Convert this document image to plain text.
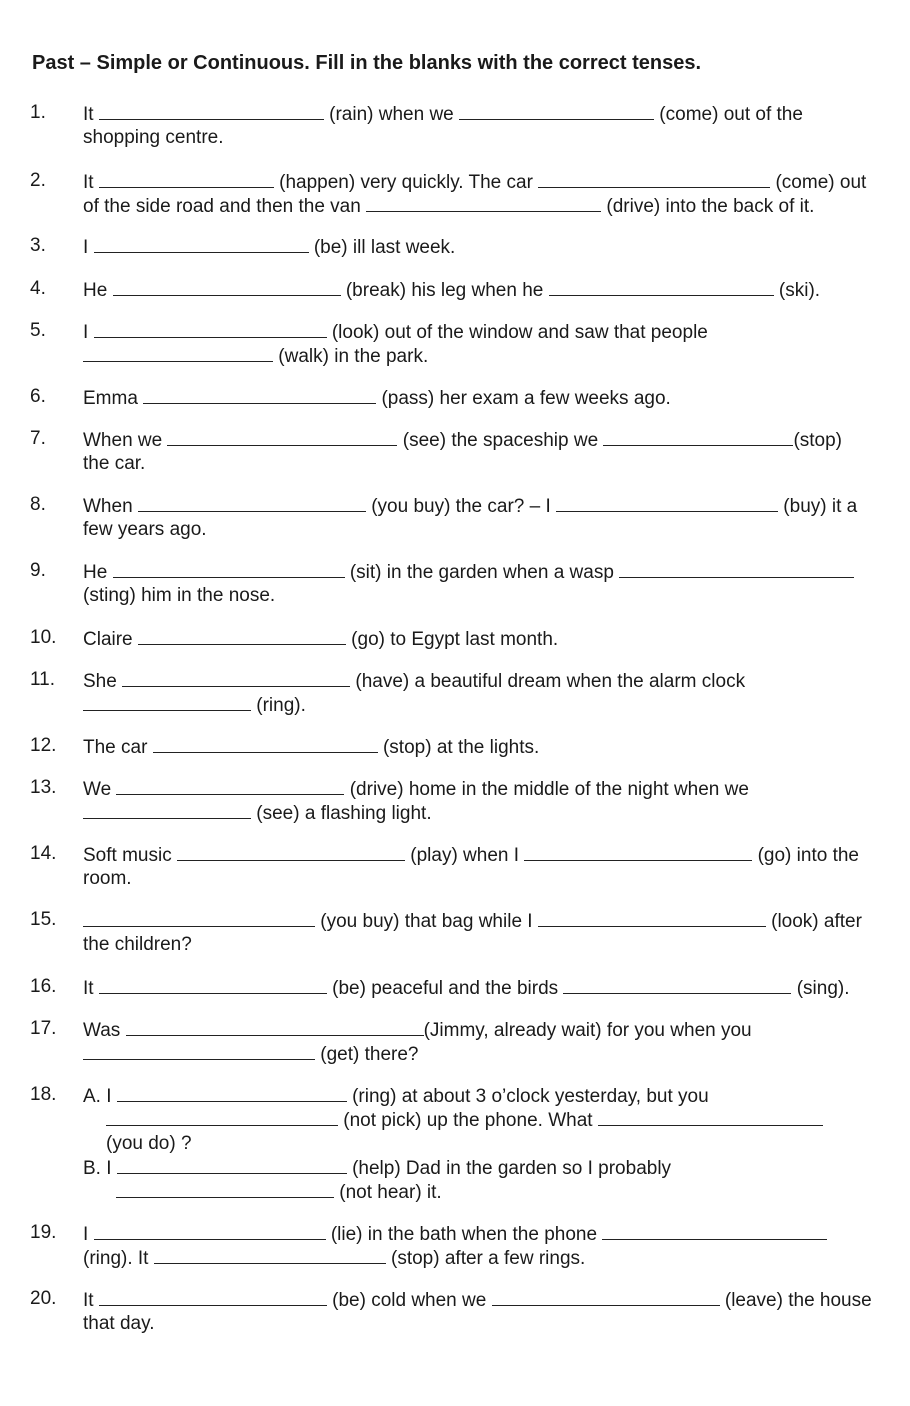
Past – Simple or Continuous. Fill in the blanks with the correct tenses.
1. It	(rain) when we	(come) out of the
shopping centre.
2. It	(happen) very quickly. The car	(come) out
of the side road and then the van	(drive) into the back of it.
3. I	(be) ill last week.
4. He	(break) his leg when he	(ski).
5. I	(look) out of the window and saw that people
(walk) in the park.
6. Emma	(pass) her exam a few weeks ago.
7. When we	(see) the spaceship we	(stop)
the car.
8. When	(you buy) the car? – I	(buy) it a
few years ago.
9. He	(sit) in the garden when a wasp
(sting) him in the nose.
10. Claire	(go) to Egypt last month.
11. She	(have) a beautiful dream when the alarm clock
(ring).
12. The car	(stop) at the lights.
13. We	(drive) home in the middle of the night when we
(see) a flashing light.
14. Soft music	(play) when I	(go) into the
room.
15.	(you buy) that bag while I	(look) after
the children?
16. It	(be) peaceful and the birds	(sing).
17. Was	(Jimmy, already wait) for you when you
(get) there?
18. A. I	(ring) at about 3 o’clock yesterday, but you
(not pick) up the phone. What
(you do) ?
B. I	(help) Dad in the garden so I probably
(not hear) it.
19. I	(lie) in the bath when the phone
(ring). It	(stop) after a few rings.
20. It	(be) cold when we	(leave) the house
that day.
